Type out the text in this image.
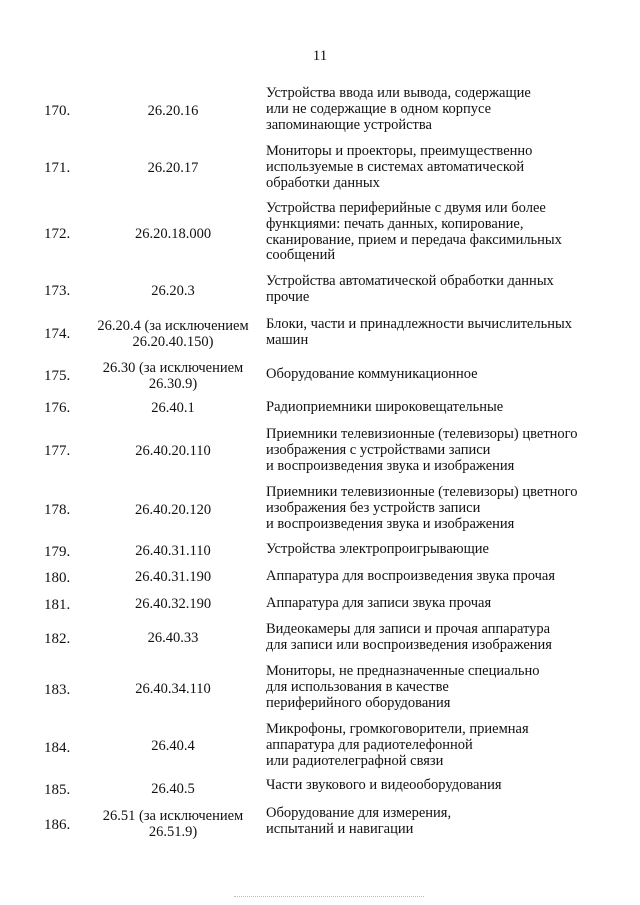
11
170.	26.20.16
Устройства ввода или вывода, содержащие
или не содержащие в одном корпусе
запоминающие устройства
171.	26.20.17
Мониторы и проекторы, преимущественно
используемые в системах автоматической
обработки данных
172.	26.20.18.000
Устройства периферийные с двумя или более
функциями: печать данных, копирование,
сканирование, прием и передача факсимильных
сообщений
173.	26.20.3
Устройства автоматической обработки данных
прочие
174.	26.20.4 (за исключением
26.20.40.150)
Блоки, части и принадлежности вычислительных
машин
175.	26.30 (за исключением
26.30.9)
Оборудование коммуникационное
176.	26.40.1	Радиоприемники широковещательные
177.	26.40.20.110
Приемники телевизионные (телевизоры) цветного
изображения с устройствами записи
и воспроизведения звука и изображения
178.	26.40.20.120
Приемники телевизионные (телевизоры) цветного
изображения без устройств записи
и воспроизведения звука и изображения
179.	26.40.31.110	Устройства электропроигрывающие
180.	26.40.31.190	Аппаратура для воспроизведения звука прочая
181.	26.40.32.190	Аппаратура для записи звука прочая
182.	26.40.33
Видеокамеры для записи и прочая аппаратура
для записи или воспроизведения изображения
183.	26.40.34.110
Мониторы, не предназначенные специально
для использования в качестве
периферийного оборудования
184.	26.40.4
Микрофоны, громкоговорители, приемная
аппаратура для радиотелефонной
или радиотелеграфной связи
185.	26.40.5	Части звукового и видеооборудования
186.
26.51 (за исключением
26.51.9)
Оборудование для измерения,
испытаний и навигации
